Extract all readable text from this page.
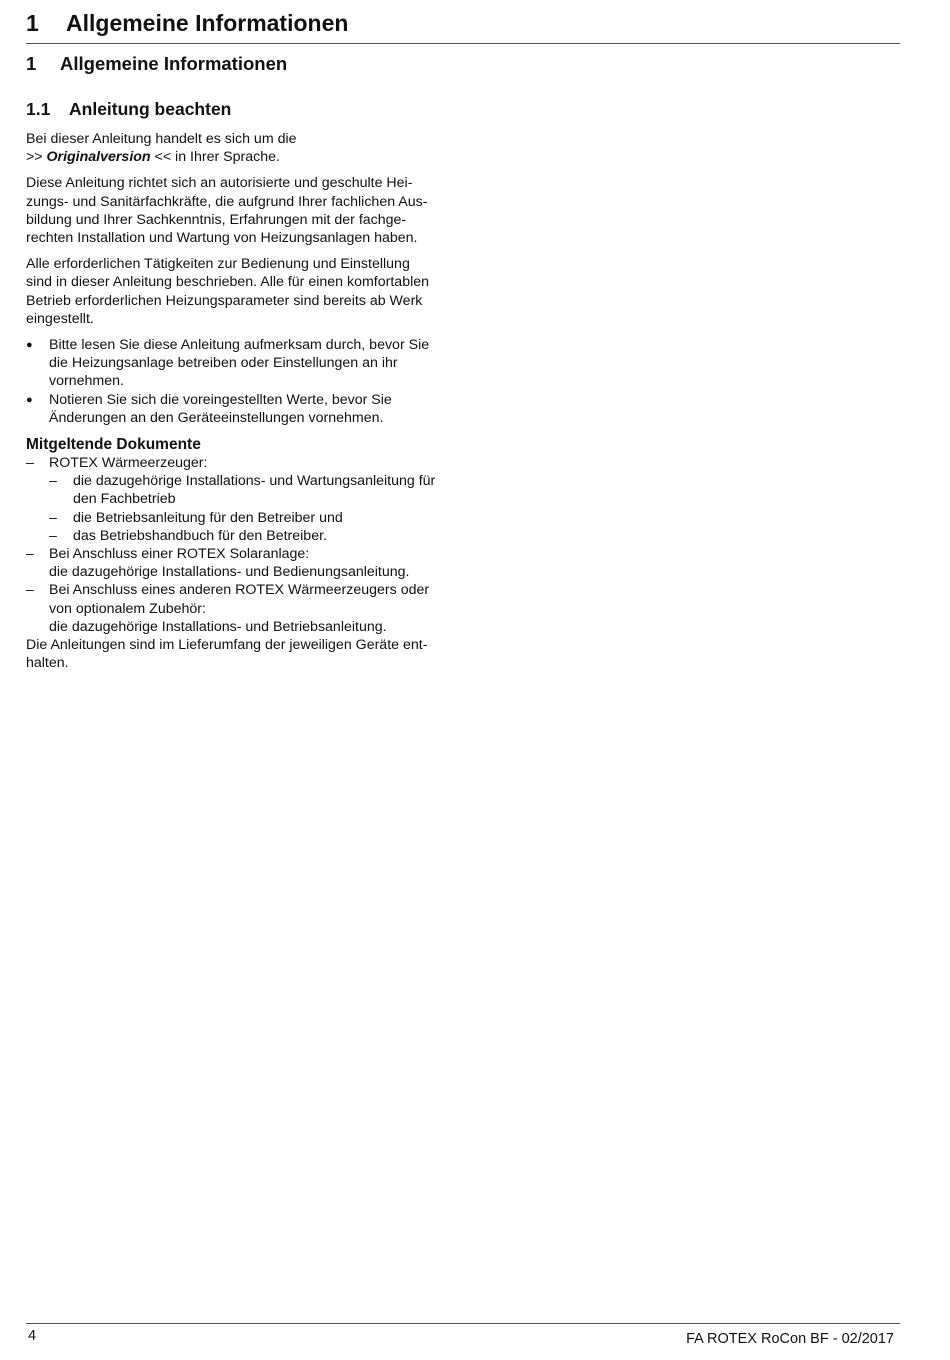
1 Allgemeine Informationen
1 Allgemeine Informationen
1.1 Anleitung beachten

Bei dieser Anleitung handelt es sich um die
>> Originalversion << in Ihrer Sprache.

Diese Anleitung richtet sich an autorisierte und geschulte Hei-
zungs- und Sanitärfachkräfte, die aufgrund Ihrer fachlichen Aus-
bildung und Ihrer Sachkenntnis, Erfahrungen mit der fachge-
rechten Installation und Wartung von Heizungsanlagen haben.

Alle erforderlichen Tätigkeiten zur Bedienung und Einstellung
sind in dieser Anleitung beschrieben. Alle für einen komfortablen
Betrieb erforderlichen Heizungsparameter sind bereits ab Werk
eingestellt.

● Bitte lesen Sie diese Anleitung aufmerksam durch, bevor Sie
die Heizungsanlage betreiben oder Einstellungen an ihr
vornehmen.
● Notieren Sie sich die voreingestellten Werte, bevor Sie
Änderungen an den Geräteeinstellungen vornehmen.
Mitgeltende Dokumente
– ROTEX Wärmeerzeuger:
– die dazugehörige Installations- und Wartungsanleitung für
den Fachbetrieb
– die Betriebsanleitung für den Betreiber und
– das Betriebshandbuch für den Betreiber.
– Bei Anschluss einer ROTEX Solaranlage:
die dazugehörige Installations- und Bedienungsanleitung.
– Bei Anschluss eines anderen ROTEX Wärmeerzeugers oder
von optionalem Zubehör:
die dazugehörige Installations- und Betriebsanleitung.

Die Anleitungen sind im Lieferumfang der jeweiligen Geräte ent-
halten.

4	FA ROTEX RoCon BF - 02/2017
